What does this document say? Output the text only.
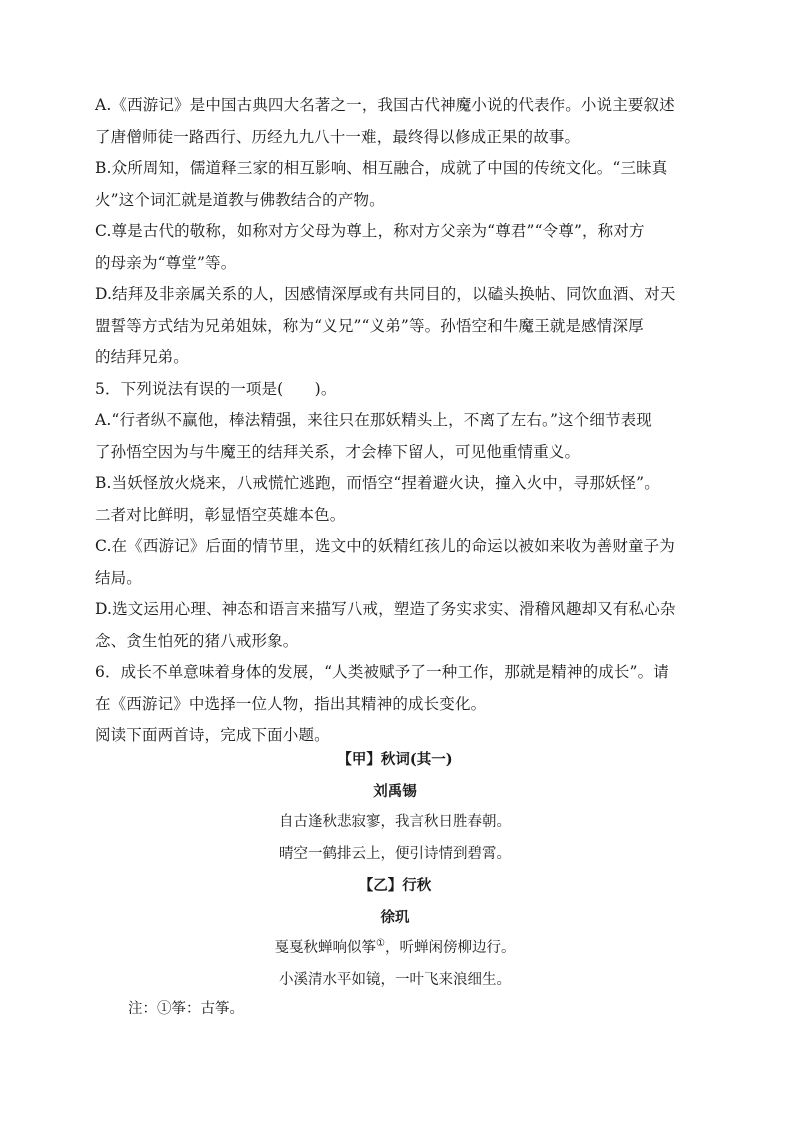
A.《西游记》是中国古典四大名著之一，我国古代神魔小说的代表作。小说主要叙述
了唐僧师徒一路西行、历经九九八十一难，最终得以修成正果的故事。
B.众所周知，儒道释三家的相互影响、相互融合，成就了中国的传统文化。“三昧真
火”这个词汇就是道教与佛教结合的产物。
C.尊是古代的敬称，如称对方父母为尊上，称对方父亲为“尊君”“令尊”，称对方
的母亲为“尊堂”等。
D.结拜及非亲属关系的人，因感情深厚或有共同目的，以磕头换帖、同饮血酒、对天
盟誓等方式结为兄弟姐妹，称为“义兄”“义弟”等。孙悟空和牛魔王就是感情深厚
的结拜兄弟。
5．下列说法有误的一项是(　　)。
A.“行者纵不赢他，棒法精强，来往只在那妖精头上，不离了左右。”这个细节表现
了孙悟空因为与牛魔王的结拜关系，才会棒下留人，可见他重情重义。
B.当妖怪放火烧来，八戒慌忙逃跑，而悟空“捏着避火诀，撞入火中，寻那妖怪”。
二者对比鲜明，彰显悟空英雄本色。
C.在《西游记》后面的情节里，选文中的妖精红孩儿的命运以被如来收为善财童子为
结局。
D.选文运用心理、神态和语言来描写八戒，塑造了务实求实、滑稽风趣却又有私心杂
念、贪生怕死的猪八戒形象。
6．成长不单意味着身体的发展，“人类被赋予了一种工作，那就是精神的成长”。请
在《西游记》中选择一位人物，指出其精神的成长变化。
阅读下面两首诗，完成下面小题。
【甲】秋词(其一)
刘禹锡
自古逢秋悲寂寥，我言秋日胜春朝。
晴空一鹤排云上，便引诗情到碧霄。
【乙】行秋
徐玑
戛戛秋蝉响似筝①，听蝉闲傍柳边行。
小溪清水平如镜，一叶飞来浪细生。
注：①筝：古筝。
